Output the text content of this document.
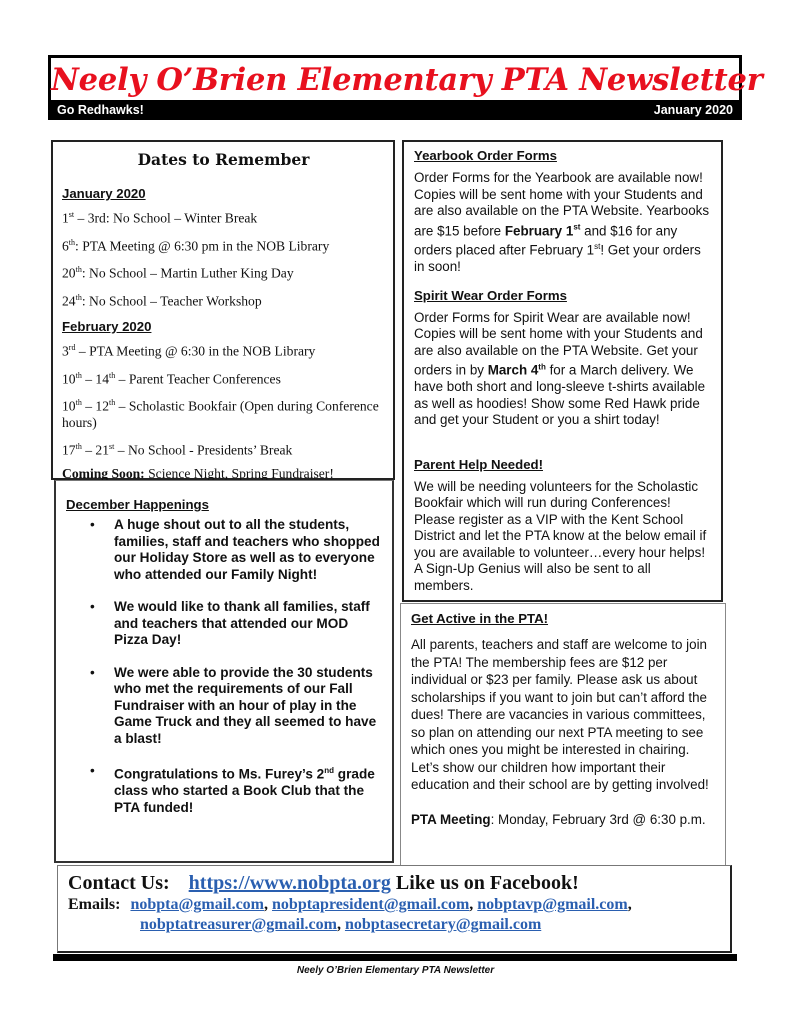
Neely O’Brien Elementary PTA Newsletter
Go Redhawks!	January 2020
Dates to Remember
January 2020
1st – 3rd: No School – Winter Break
6th: PTA Meeting @ 6:30 pm in the NOB Library
20th: No School – Martin Luther King Day
24th: No School – Teacher Workshop
February 2020
3rd – PTA Meeting @ 6:30 in the NOB Library
10th – 14th – Parent Teacher Conferences
10th – 12th – Scholastic Bookfair (Open during Conference hours)
17th – 21st – No School - Presidents’ Break
Coming Soon: Science Night, Spring Fundraiser!
December Happenings
• A huge shout out to all the students, families, staff and teachers who shopped our Holiday Store as well as to everyone who attended our Family Night!
• We would like to thank all families, staff and teachers that attended our MOD Pizza Day!
• We were able to provide the 30 students who met the requirements of our Fall Fundraiser with an hour of play in the Game Truck and they all seemed to have a blast!
• Congratulations to Ms. Furey’s 2nd grade class who started a Book Club that the PTA funded!
Yearbook Order Forms

Order Forms for the Yearbook are available now! Copies will be sent home with your Students and are also available on the PTA Website. Yearbooks are $15 before February 1st and $16 for any orders placed after February 1st! Get your orders in soon!

Spirit Wear Order Forms

Order Forms for Spirit Wear are available now! Copies will be sent home with your Students and are also available on the PTA Website. Get your orders in by March 4th for a March delivery. We have both short and long-sleeve t-shirts available as well as hoodies! Show some Red Hawk pride and get your Student or you a shirt today!

Parent Help Needed!

We will be needing volunteers for the Scholastic Bookfair which will run during Conferences! Please register as a VIP with the Kent School District and let the PTA know at the below email if you are available to volunteer…every hour helps! A Sign-Up Genius will also be sent to all members.

Get Active in the PTA!

All parents, teachers and staff are welcome to join the PTA! The membership fees are $12 per individual or $23 per family. Please ask us about scholarships if you want to join but can’t afford the dues! There are vacancies in various committees, so plan on attending our next PTA meeting to see which ones you might be interested in chairing. Let’s show our children how important their education and their school are by getting involved!

PTA Meeting: Monday, February 3rd @ 6:30 p.m.

Contact Us: https://www.nobpta.org Like us on Facebook!
Emails: nobpta@gmail.com, nobptapresident@gmail.com, nobptavp@gmail.com,
nobptatreasurer@gmail.com, nobptasecretary@gmail.com
Neely O’Brien Elementary PTA Newsletter
